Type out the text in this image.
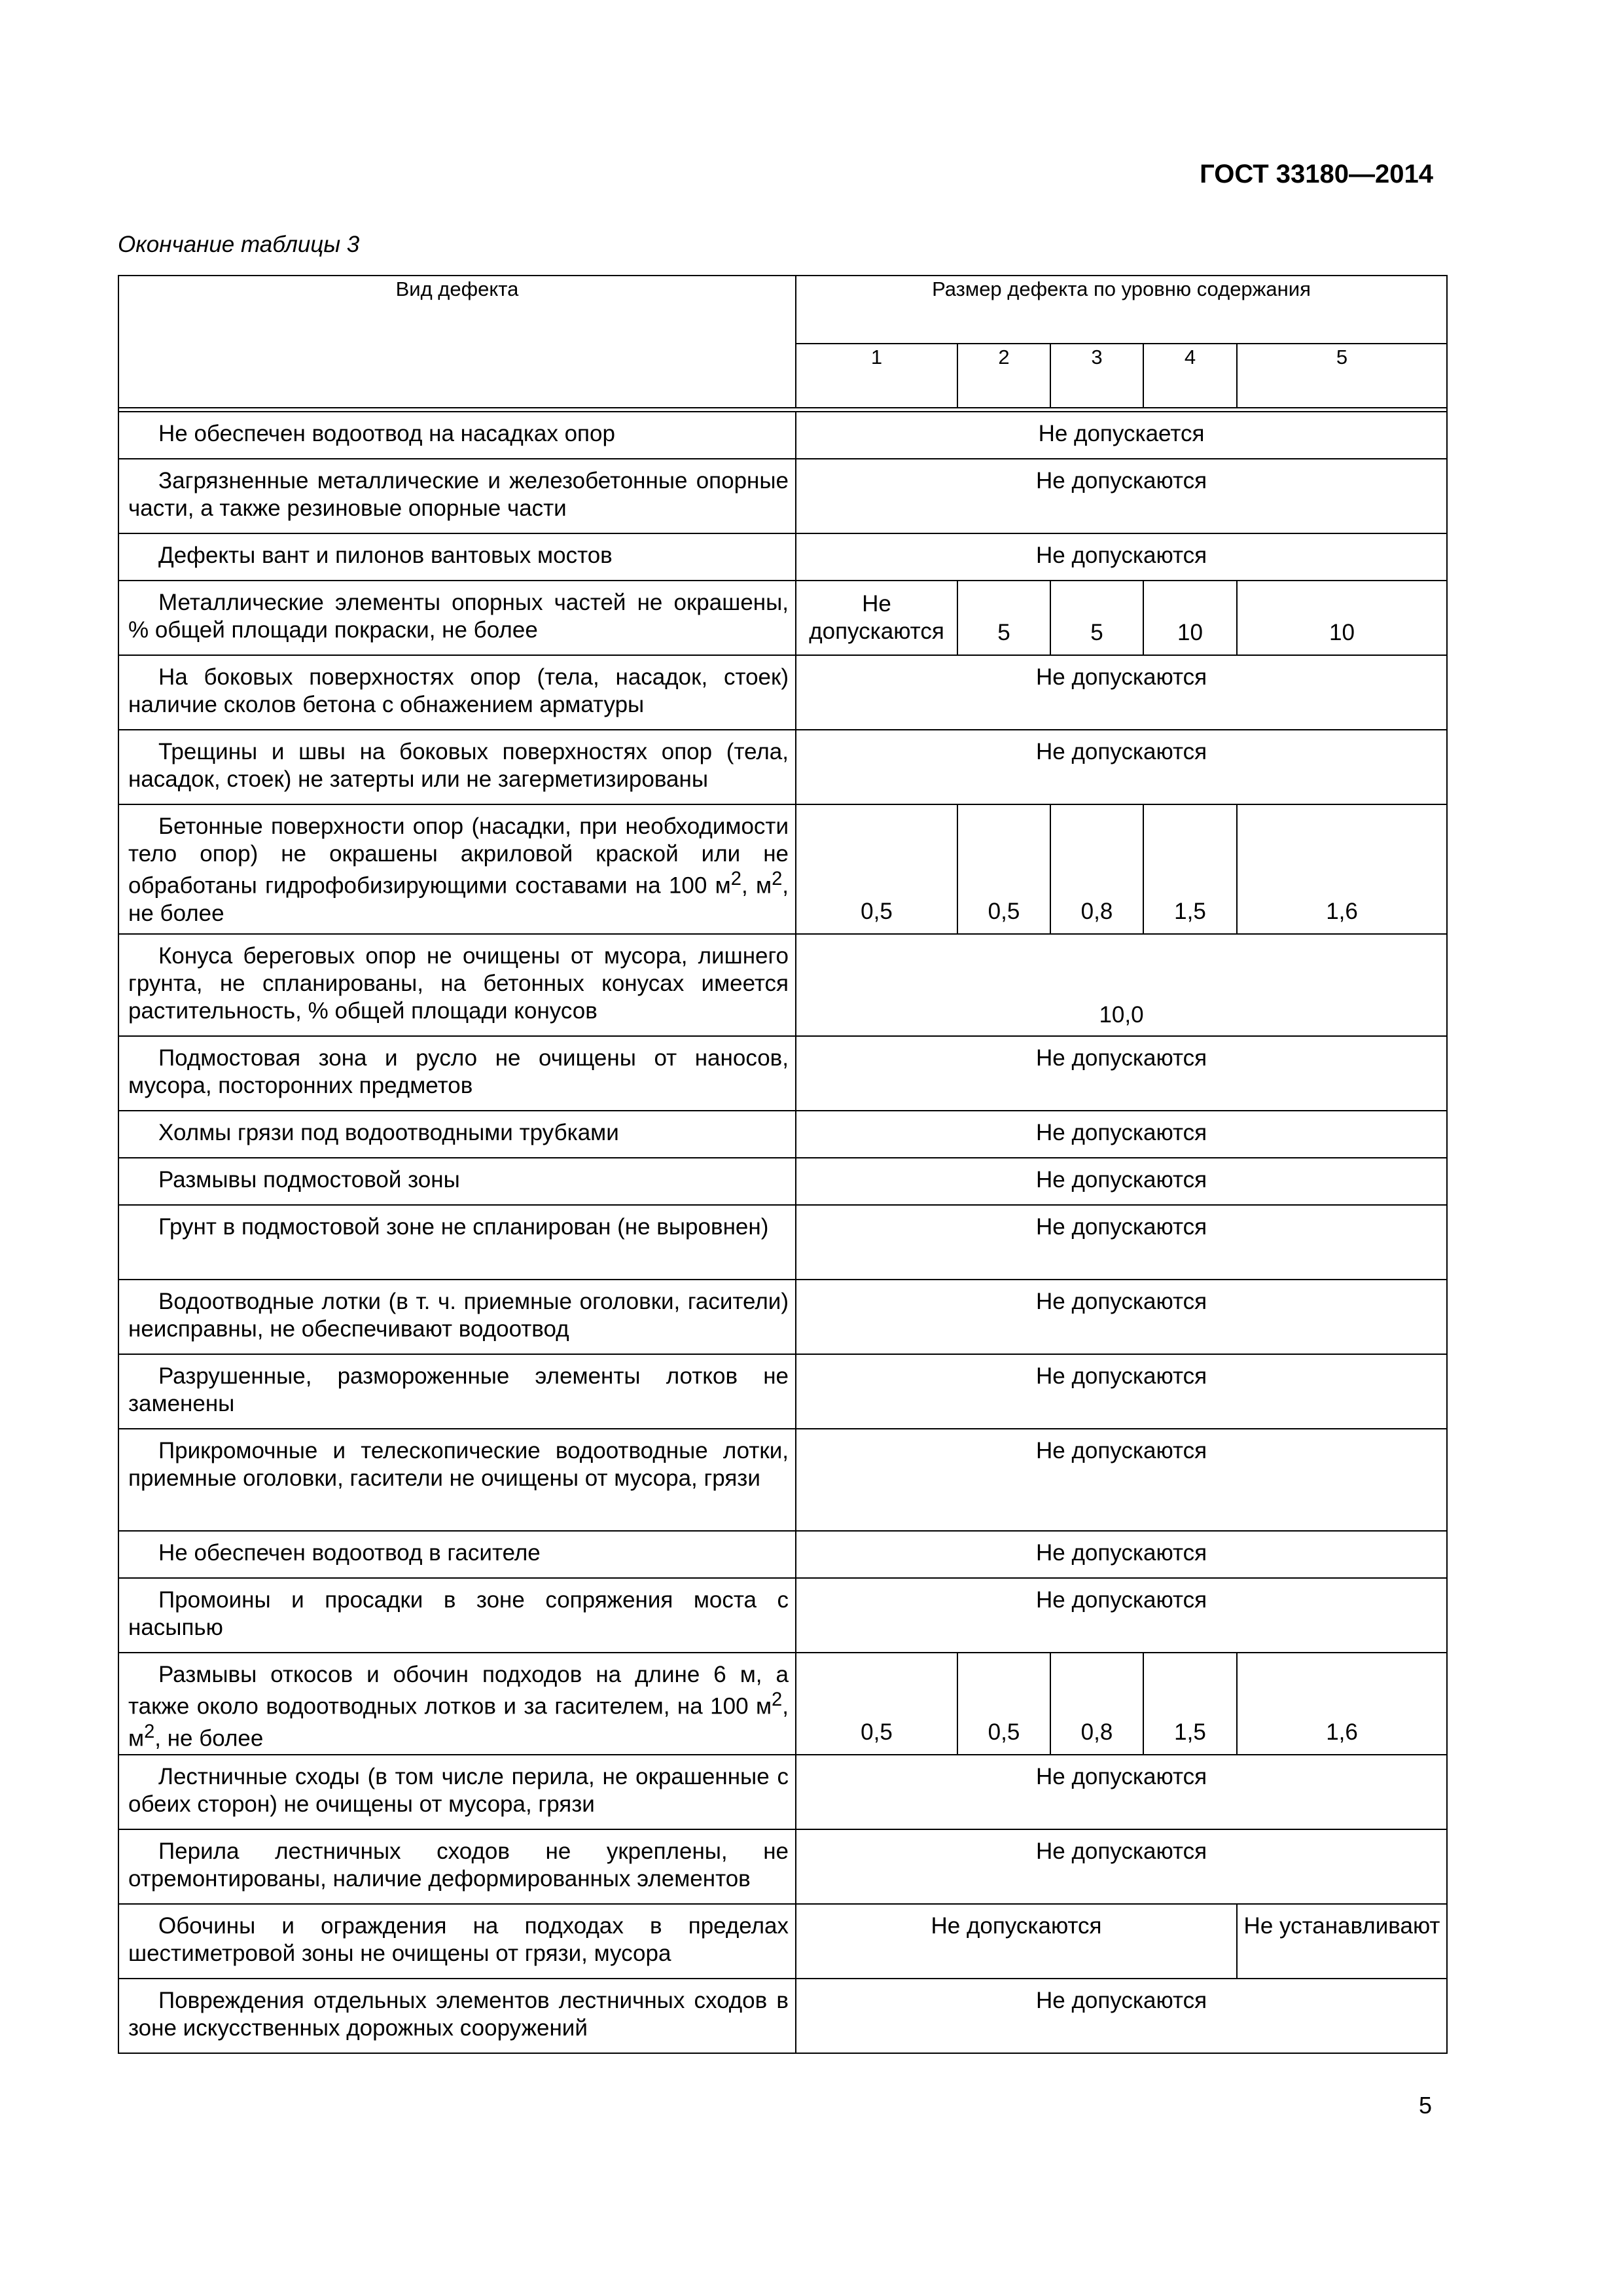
ГОСТ 33180—2014
Окончание таблицы 3
Вид дефекта	Размер дефекта по уровню содержания				
	1	2	3	4	5

Не обеспечен водоотвод на насадках опор	Не допускается				
Загрязненные металлические и железобетонные опорные части, а также резиновые опорные части	Не допускаются				
Дефекты вант и пилонов вантовых мостов	Не допускаются				
Металлические элементы опорных частей не окрашены, % общей площади покраски, не более	Не допускаются	5	5	10	10
На боковых поверхностях опор (тела, насадок, стоек) наличие сколов бетона с обнажением арматуры	Не допускаются				
Трещины и швы на боковых поверхностях опор (тела, насадок, стоек) не затерты или не загерметизированы	Не допускаются				
Бетонные поверхности опор (насадки, при необходимости тело опор) не окрашены акриловой краской или не обработаны гидрофобизирующими составами на 100 $м^2$, $м^2$, не более	0,5	0,5	0,8	1,5	1,6
Конуса береговых опор не очищены от мусора, лишнего грунта, не спланированы, на бетонных конусах имеется растительность, % общей площади конусов	10,0				
Подмостовая зона и русло не очищены от наносов, мусора, посторонних предметов	Не допускаются				
Холмы грязи под водоотводными трубками	Не допускаются				
Размывы подмостовой зоны	Не допускаются				
Грунт в подмостовой зоне не спланирован (не выровнен)	Не допускаются				
Водоотводные лотки (в т. ч. приемные оголовки, гасители) неисправны, не обеспечивают водоотвод	Не допускаются				
Разрушенные, размороженные элементы лотков не заменены	Не допускаются				
Прикромочные и телескопические водоотводные лотки, приемные оголовки, гасители не очищены от мусора, грязи	Не допускаются				
Не обеспечен водоотвод в гасителе	Не допускаются				
Промоины и просадки в зоне сопряжения моста с насыпью	Не допускаются				
Размывы откосов и обочин подходов на длине 6 м, а также около водоотводных лотков и за гасителем, на 100 $м^2$, $м^2$, не более	0,5	0,5	0,8	1,5	1,6
Лестничные сходы (в том числе перила, не окрашенные с обеих сторон) не очищены от мусора, грязи	Не допускаются				
Перила лестничных сходов не укреплены, не отремонтированы, наличие деформированных элементов	Не допускаются				
Обочины и ограждения на подходах в пределах шестиметровой зоны не очищены от грязи, мусора	Не допускаются				Не устанавливают
Повреждения отдельных элементов лестничных сходов в зоне искусственных дорожных сооружений	Не допускаются				
5
